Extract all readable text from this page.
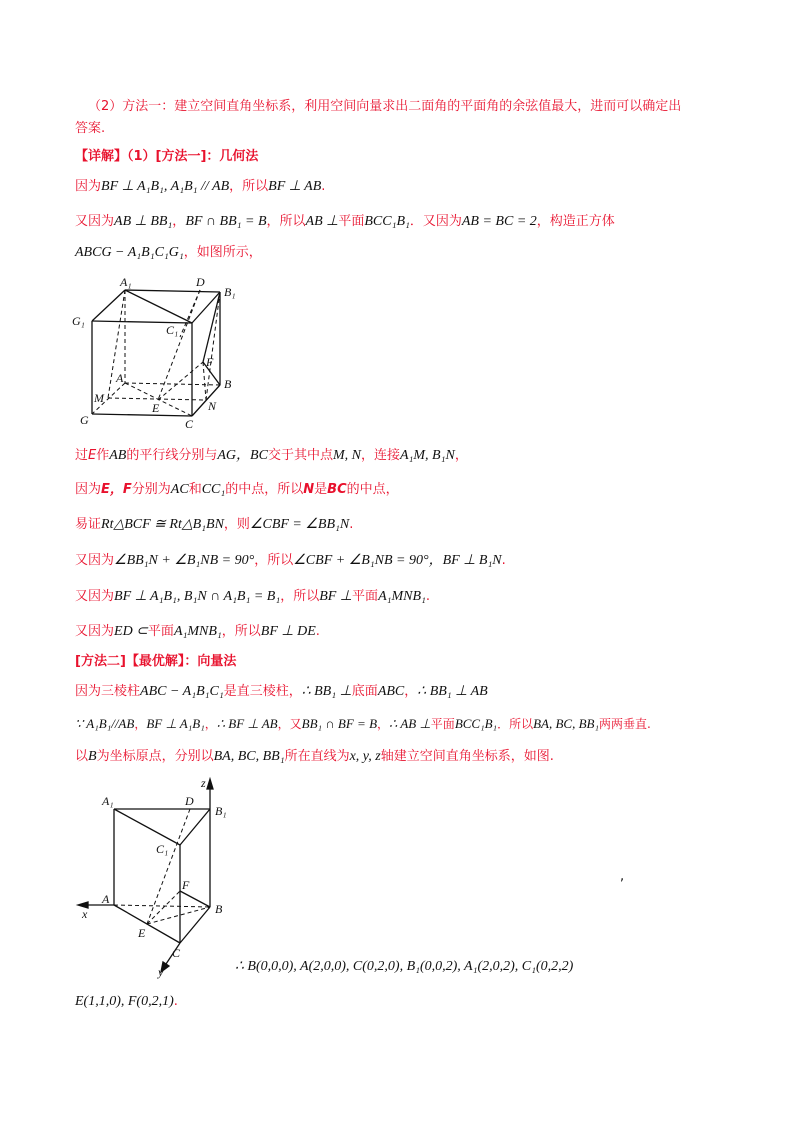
（2）方法一：建立空间直角坐标系，利用空间向量求出二面角的平面角的余弦值最大，进而可以确定出
答案.
【详解】（1）[方法一]：几何法
因为BF ⊥ A₁B₁, A₁B₁ // AB，所以BF ⊥ AB.
又因为AB ⊥ BB₁，BF ∩ BB₁ = B，所以AB ⊥平面BCC₁B₁．又因为AB = BC = 2，构造正方体
ABCG − A₁B₁C₁G₁，如图所示，
A₁	D
B₁
G₁
C₁
F
A	B
M
E	N
G	C
过E作AB的平行线分别与AG，BC交于其中点M, N，连接A₁M, B₁N，
因为E，F分别为AC和CC₁的中点，所以N是BC的中点，
易证Rt△BCF ≅ Rt△B₁BN，则∠CBF = ∠BB₁N.
又因为∠BB₁N + ∠B₁NB = 90°，所以∠CBF + ∠B₁NB = 90°，BF ⊥ B₁N.
又因为BF ⊥ A₁B₁, B₁N ∩ A₁B₁ = B₁，所以BF ⊥平面A₁MNB₁.
又因为ED ⊂平面A₁MNB₁，所以BF ⊥ DE.
[方法二]【最优解】：向量法
因为三棱柱ABC − A₁B₁C₁是直三棱柱，∴ BB₁ ⊥底面ABC，∴ BB₁ ⊥ AB
∵ A₁B₁//AB，BF ⊥ A₁B₁，∴ BF ⊥ AB，又BB₁ ∩ BF = B，∴ AB ⊥平面BCC₁B₁．所以BA, BC, BB₁两两垂直.
以B为坐标原点，分别以BA, BC, BB₁所在直线为x, y, z轴建立空间直角坐标系，如图.
A₁	D
B₁
C₁
F
A
B
E
C
x
y
z
,
∴ B(0,0,0), A(2,0,0), C(0,2,0), B₁(0,0,2), A₁(2,0,2), C₁(0,2,2)
E(1,1,0), F(0,2,1).
